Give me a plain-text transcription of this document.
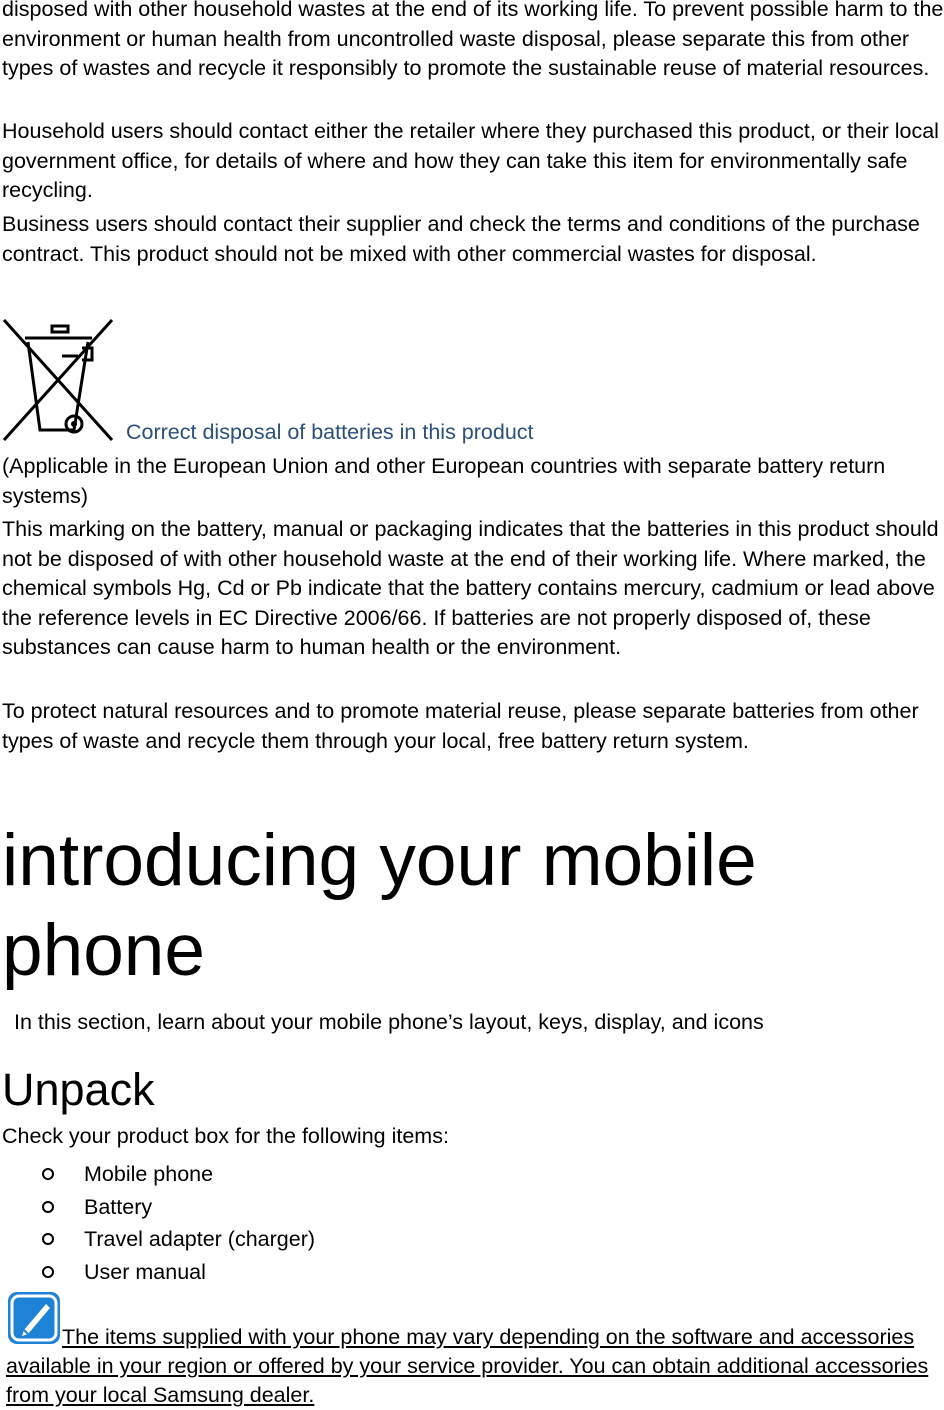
disposed with other household wastes at the end of its working life. To prevent possible harm to the environment or human health from uncontrolled waste disposal, please separate this from other types of wastes and recycle it responsibly to promote the sustainable reuse of material resources.

Household users should contact either the retailer where they purchased this product, or their local government office, for details of where and how they can take this item for environmentally safe recycling.

Business users should contact their supplier and check the terms and conditions of the purchase contract. This product should not be mixed with other commercial wastes for disposal.

Correct disposal of batteries in this product

(Applicable in the European Union and other European countries with separate battery return systems)

This marking on the battery, manual or packaging indicates that the batteries in this product should not be disposed of with other household waste at the end of their working life. Where marked, the chemical symbols Hg, Cd or Pb indicate that the battery contains mercury, cadmium or lead above the reference levels in EC Directive 2006/66. If batteries are not properly disposed of, these substances can cause harm to human health or the environment.

To protect natural resources and to promote material reuse, please separate batteries from other types of waste and recycle them through your local, free battery return system.

introducing your mobile phone
In this section, learn about your mobile phone’s layout, keys, display, and icons
Unpack

Check your product box for the following items:

Mobile phone
Battery
Travel adapter (charger)
User manual
The items supplied with your phone may vary depending on the software and accessories available in your region or offered by your service provider. You can obtain additional accessories from your local Samsung dealer.
